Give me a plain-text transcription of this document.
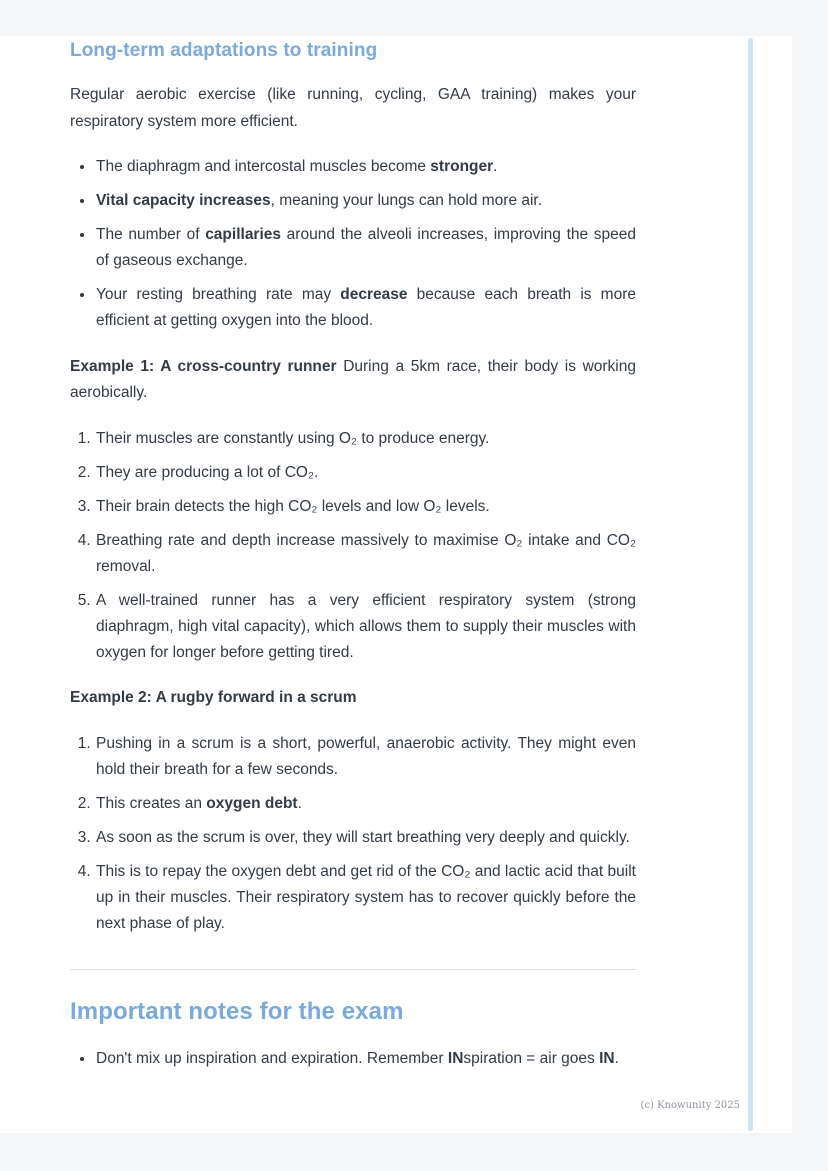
Long-term adaptations to training

Regular aerobic exercise (like running, cycling, GAA training) makes your respiratory system more efficient.

• The diaphragm and intercostal muscles become stronger.
• Vital capacity increases, meaning your lungs can hold more air.
• The number of capillaries around the alveoli increases, improving the speed of gaseous exchange.
• Your resting breathing rate may decrease because each breath is more efficient at getting oxygen into the blood.

Example 1: A cross-country runner During a 5km race, their body is working aerobically.

1. Their muscles are constantly using O₂ to produce energy.
2. They are producing a lot of CO₂.
3. Their brain detects the high CO₂ levels and low O₂ levels.
4. Breathing rate and depth increase massively to maximise O₂ intake and CO₂ removal.
5. A well-trained runner has a very efficient respiratory system (strong diaphragm, high vital capacity), which allows them to supply their muscles with oxygen for longer before getting tired.

Example 2: A rugby forward in a scrum

1. Pushing in a scrum is a short, powerful, anaerobic activity. They might even hold their breath for a few seconds.
2. This creates an oxygen debt.
3. As soon as the scrum is over, they will start breathing very deeply and quickly.
4. This is to repay the oxygen debt and get rid of the CO₂ and lactic acid that built up in their muscles. Their respiratory system has to recover quickly before the next phase of play.
Important notes for the exam
• Don't mix up inspiration and expiration. Remember INspiration = air goes IN.
(c) Knowunity 2025
